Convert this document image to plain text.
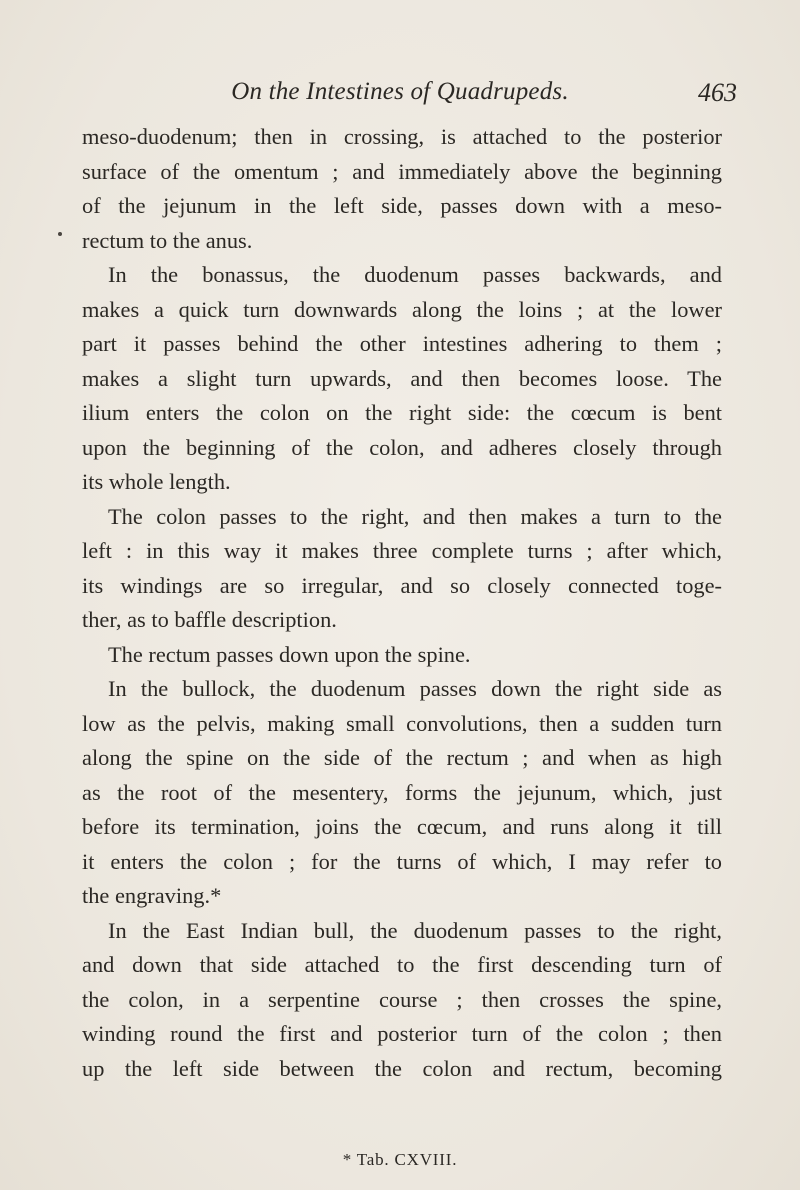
On the Intestines of Quadrupeds.	463
meso-duodenum; then in crossing, is attached to the posterior
surface of the omentum ; and immediately above the beginning
of the jejunum in the left side, passes down with a meso-
rectum to the anus.
In the bonassus, the duodenum passes backwards, and
makes a quick turn downwards along the loins ; at the lower
part it passes behind the other intestines adhering to them ;
makes a slight turn upwards, and then becomes loose. The
ilium enters the colon on the right side: the cœcum is bent
upon the beginning of the colon, and adheres closely through
its whole length.
The colon passes to the right, and then makes a turn to the
left : in this way it makes three complete turns ; after which,
its windings are so irregular, and so closely connected toge-
ther, as to baffle description.
The rectum passes down upon the spine.
In the bullock, the duodenum passes down the right side as
low as the pelvis, making small convolutions, then a sudden turn
along the spine on the side of the rectum ; and when as high
as the root of the mesentery, forms the jejunum, which, just
before its termination, joins the cœcum, and runs along it till
it enters the colon ; for the turns of which, I may refer to
the engraving.*
In the East Indian bull, the duodenum passes to the right,
and down that side attached to the first descending turn of
the colon, in a serpentine course ; then crosses the spine,
winding round the first and posterior turn of the colon ; then
up the left side between the colon and rectum, becoming
* Tab. CXVIII.
